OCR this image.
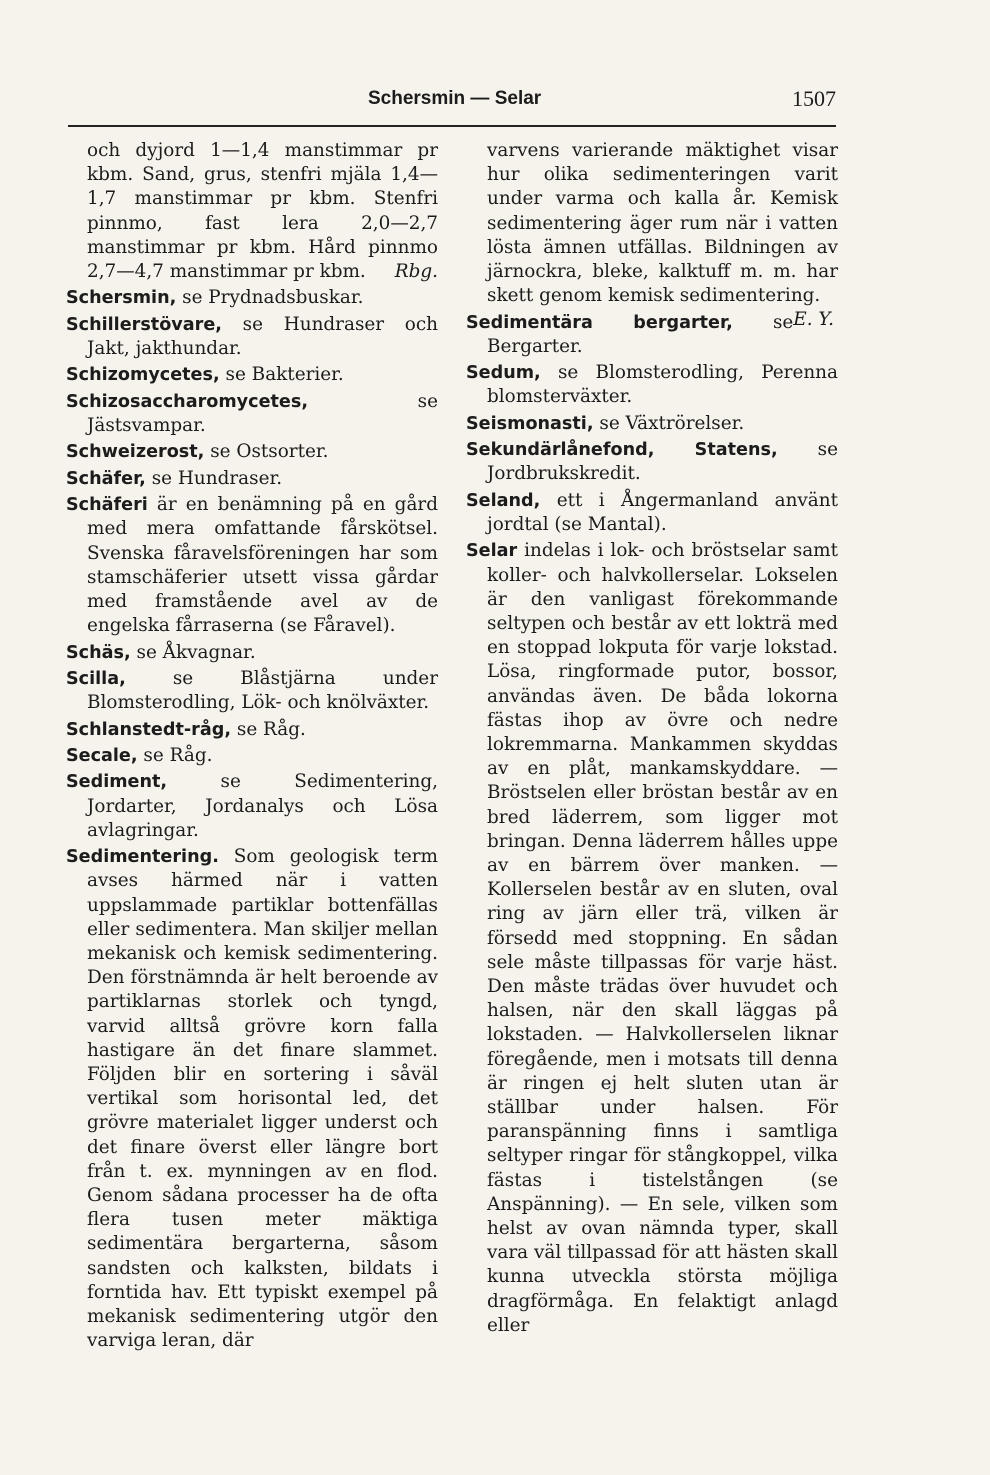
Schersmin — Selar	1507

och dyjord 1—1,4 manstimmar pr kbm. Sand, grus, stenfri mjäla 1,4—1,7 manstimmar pr kbm. Stenfri pinnmo, fast lera 2,0—2,7 manstimmar pr kbm. Hård pinnmo 2,7—4,7 manstimmar pr kbm. Rbg.

Schersmin, se Prydnadsbuskar.

Schillerstövare, se Hundraser och Jakt, jakthundar.

Schizomycetes, se Bakterier.

Schizosaccharomycetes,	se Jästsvampar.

Schweizerost, se Ostsorter.

Schäfer, se Hundraser.

Schäferi är en benämning på en gård med mera omfattande fårskötsel. Svenska fåravelsföreningen har som stamschäferier utsett vissa gårdar med framstående avel av de engelska fårraserna (se Fåravel).

Schäs, se Åkvagnar.

Scilla,	se Blåstjärna under Blomsterodling, Lök- och knölväxter.

Schlanstedt-råg, se Råg.

Secale, se Råg.

Sediment,	se Sedimentering, Jordarter, Jordanalys och Lösa avlagringar.

Sedimentering. Som geologisk term avses härmed när i vatten uppslammade partiklar bottenfällas eller sedimentera. Man skiljer mellan mekanisk och kemisk sedimentering. Den förstnämnda är helt beroende av partiklarnas storlek och tyngd, varvid alltså grövre korn falla hastigare än det finare slammet. Följden blir en sortering i såväl vertikal som horisontal led, det grövre materialet ligger underst och det finare överst eller längre bort från t. ex. mynningen av en flod. Genom sådana processer ha de ofta flera tusen meter mäktiga sedimentära bergarterna, såsom sandsten och kalksten, bildats i forntida hav. Ett typiskt exempel på mekanisk sedimentering utgör den varviga leran, där

varvens varierande mäktighet visar hur olika sedimenteringen varit under varma och kalla år. Kemisk sedimentering äger rum när i vatten lösta ämnen utfällas. Bildningen av järnockra, bleke, kalktuff m. m. har skett genom kemisk sedimentering.
E. Y.

Sedimentära bergarter, se Bergarter.

Sedum, se Blomsterodling, Perenna blomsterväxter.

Seismonasti, se Växtrörelser.

Sekundärlånefond, Statens, se Jordbrukskredit.

Seland, ett i Ångermanland använt jordtal (se Mantal).

Selar indelas i lok- och bröstselar samt koller- och halvkollerselar. Lokselen är den vanligast förekommande seltypen och består av ett lokträ med en stoppad lokputa för varje lokstad. Lösa, ringformade putor, bossor, användas även. De båda lokorna fästas ihop av övre och nedre lokremmarna. Mankammen skyddas av en plåt, mankamskyddare. — Bröstselen eller bröstan består av en bred läderrem, som ligger mot bringan. Denna läderrem hålles uppe av en bärrem över manken. — Kollerselen består av en sluten, oval ring av järn eller trä, vilken är försedd med stoppning. En sådan sele måste tillpassas för varje häst. Den måste trädas över huvudet och halsen, när den skall läggas på lokstaden. — Halvkollerselen liknar föregående, men i motsats till denna är ringen ej helt sluten utan är ställbar under halsen. För paranspänning finns i samtliga seltyper ringar för stångkoppel, vilka fästas i tistelstången (se Anspänning). — En sele, vilken som helst av ovan nämnda typer, skall vara väl tillpassad för att hästen skall kunna utveckla största möjliga dragförmåga. En felaktigt anlagd eller
